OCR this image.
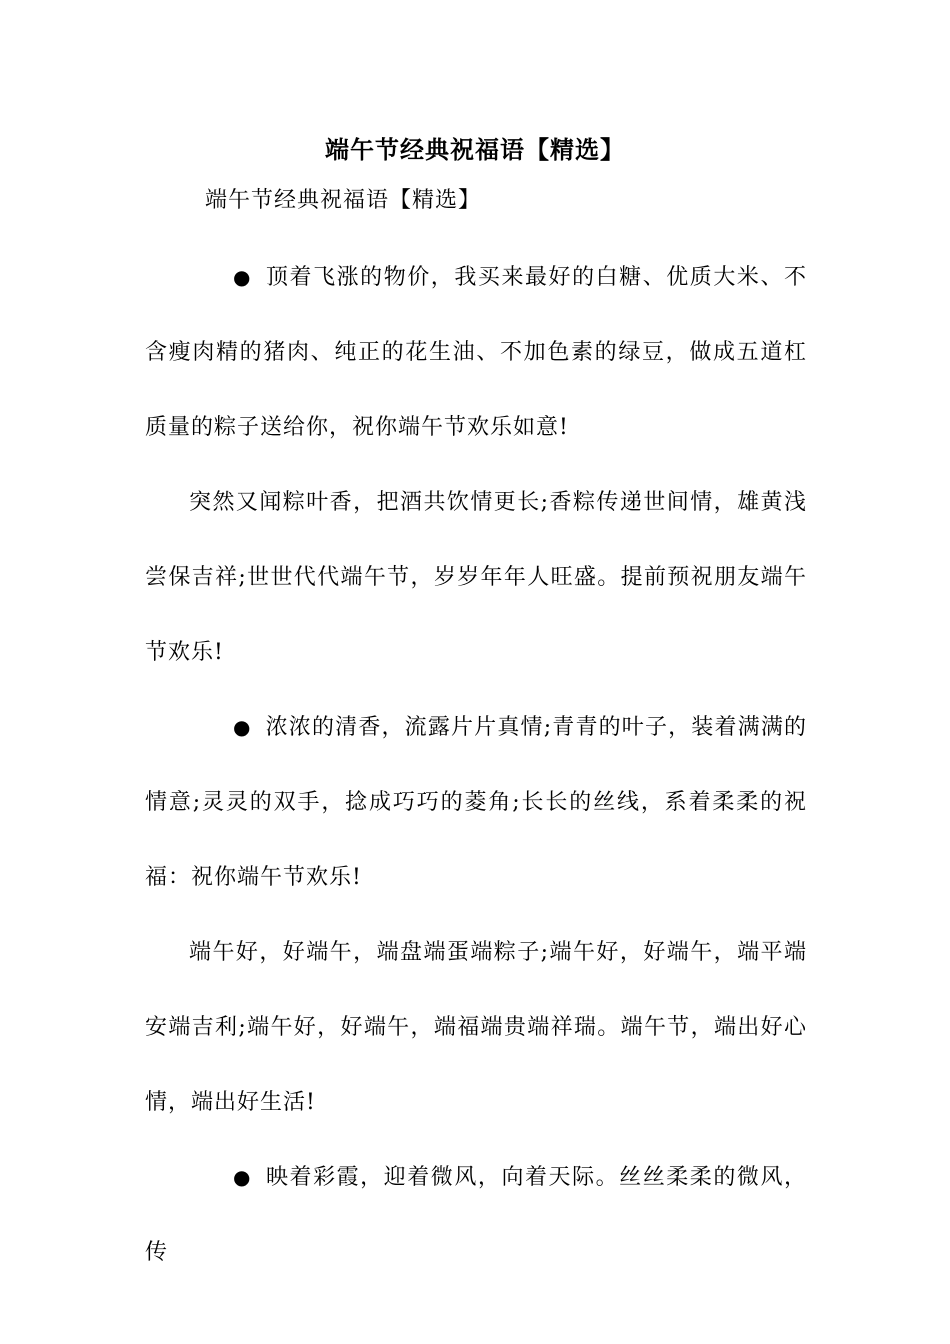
端午节经典祝福语【精选】
端午节经典祝福语【精选】

● 顶着飞涨的物价，我买来最好的白糖、优质大米、不含瘦肉精的猪肉、纯正的花生油、不加色素的绿豆，做成五道杠质量的粽子送给你，祝你端午节欢乐如意!

突然又闻粽叶香，把酒共饮情更长;香粽传递世间情，雄黄浅尝保吉祥;世世代代端午节，岁岁年年人旺盛。提前预祝朋友端午节欢乐!

● 浓浓的清香，流露片片真情;青青的叶子，装着满满的情意;灵灵的双手，捻成巧巧的菱角;长长的丝线，系着柔柔的祝福：祝你端午节欢乐!

端午好，好端午，端盘端蛋端粽子;端午好，好端午，端平端安端吉利;端午好，好端午，端福端贵端祥瑞。端午节，端出好心情，端出好生活!

● 映着彩霞，迎着微风，向着天际。丝丝柔柔的微风，传
